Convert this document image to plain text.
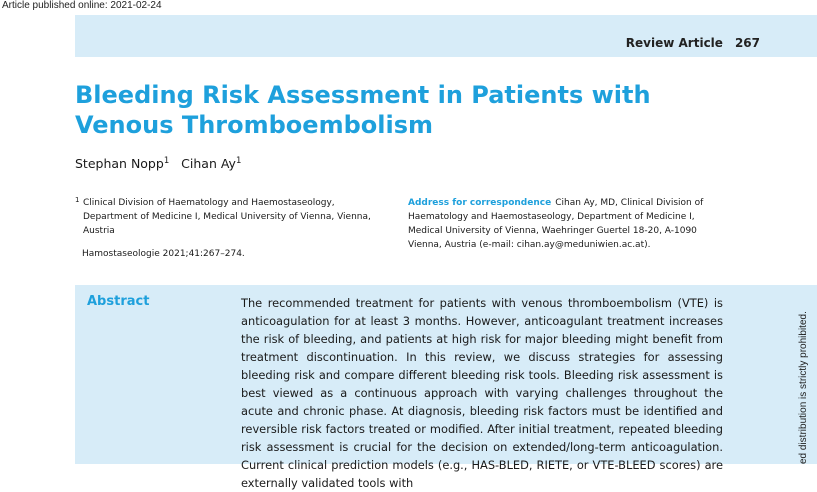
Article published online: 2021-02-24
Review Article 267
Bleeding Risk Assessment in Patients with Venous Thromboembolism
Stephan Nopp$^1$ Cihan Ay$^1$
1 Clinical Division of Haematology and Haemostaseology, Department of Medicine I, Medical University of Vienna, Vienna, Austria
Hamostaseologie 2021;41:267–274.
Address for correspondence Cihan Ay, MD, Clinical Division of Haematology and Haemostaseology, Department of Medicine I, Medical University of Vienna, Waehringer Guertel 18-20, A-1090 Vienna, Austria (e-mail: cihan.ay@meduniwien.ac.at).
Abstract	The recommended treatment for patients with venous thromboembolism (VTE) is anticoagulation for at least 3 months. However, anticoagulant treatment increases the risk of bleeding, and patients at high risk for major bleeding might benefit from treatment discontinuation. In this review, we discuss strategies for assessing bleeding risk and compare different bleeding risk tools. Bleeding risk assessment is best viewed as a continuous approach with varying challenges throughout the acute and chronic phase. At diagnosis, bleeding risk factors must be identified and reversible risk factors treated or modified. After initial treatment, repeated bleeding risk assessment is crucial for the decision on extended/long-term anticoagulation. Current clinical prediction models (e.g., HAS-BLED, RIETE, or VTE-BLEED scores) are externally validated tools with
ed distribution is strictly prohibited.
